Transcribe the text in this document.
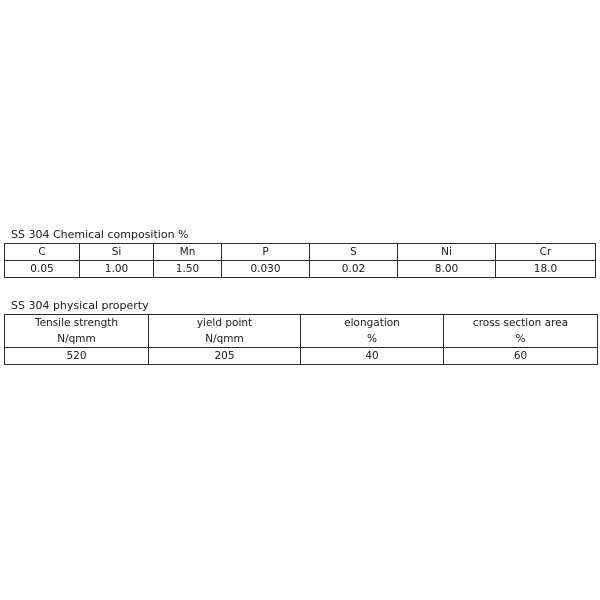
SS 304 Chemical composition %
C	Si	Mn	P	S	Ni	Cr
0.05	1.00	1.50	0.030	0.02	8.00	18.0
SS 304 physical property
Tensile strength	yield point	elongation	cross section area
N/qmm	N/qmm	%	%
520	205	40	60
